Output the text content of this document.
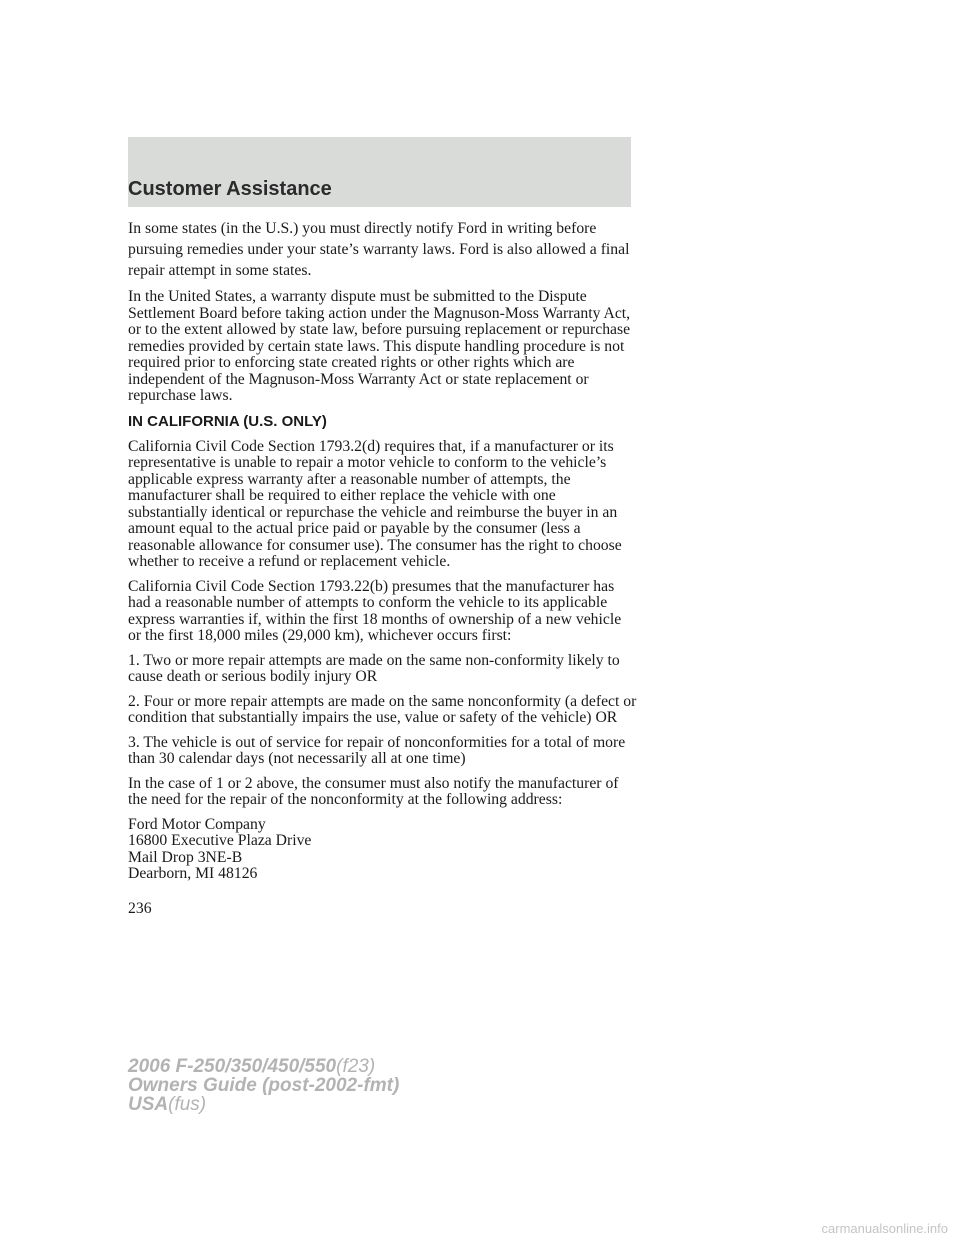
Customer Assistance

In some states (in the U.S.) you must directly notify Ford in writing before pursuing remedies under your state’s warranty laws. Ford is also allowed a final repair attempt in some states.

In the United States, a warranty dispute must be submitted to the Dispute Settlement Board before taking action under the Magnuson-Moss Warranty Act, or to the extent allowed by state law, before pursuing replacement or repurchase remedies provided by certain state laws. This dispute handling procedure is not required prior to enforcing state created rights or other rights which are independent of the Magnuson-Moss Warranty Act or state replacement or repurchase laws.

IN CALIFORNIA (U.S. ONLY)

California Civil Code Section 1793.2(d) requires that, if a manufacturer or its representative is unable to repair a motor vehicle to conform to the vehicle’s applicable express warranty after a reasonable number of attempts, the manufacturer shall be required to either replace the vehicle with one substantially identical or repurchase the vehicle and reimburse the buyer in an amount equal to the actual price paid or payable by the consumer (less a reasonable allowance for consumer use). The consumer has the right to choose whether to receive a refund or replacement vehicle.

California Civil Code Section 1793.22(b) presumes that the manufacturer has had a reasonable number of attempts to conform the vehicle to its applicable express warranties if, within the first 18 months of ownership of a new vehicle or the first 18,000 miles (29,000 km), whichever occurs first:

1. Two or more repair attempts are made on the same non-conformity likely to cause death or serious bodily injury OR

2. Four or more repair attempts are made on the same nonconformity (a defect or condition that substantially impairs the use, value or safety of the vehicle) OR

3. The vehicle is out of service for repair of nonconformities for a total of more than 30 calendar days (not necessarily all at one time)

In the case of 1 or 2 above, the consumer must also notify the manufacturer of the need for the repair of the nonconformity at the following address:

Ford Motor Company
16800 Executive Plaza Drive
Mail Drop 3NE-B
Dearborn, MI 48126
236
2006 F-250/350/450/550(f23)
Owners Guide (post-2002-fmt)
USA(fus)
carmanualsonline.info
